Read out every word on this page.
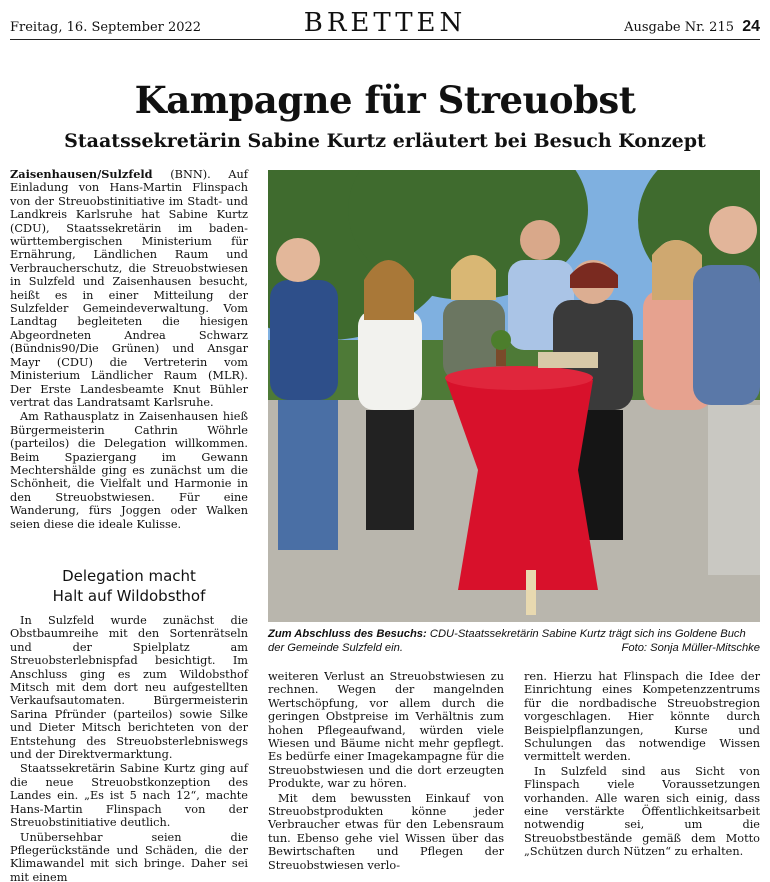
Freitag, 16. September 2022	BRETTEN	Ausgabe Nr. 215 24
Kampagne für Streuobst
Staatssekretärin Sabine Kurtz erläutert bei Besuch Konzept

Zaisenhausen/Sulzfeld (BNN). Auf Einladung von Hans-Martin Flinspach von der Streuobstinitiative im Stadt- und Landkreis Karlsruhe hat Sabine Kurtz (CDU), Staatssekretärin im baden-württembergischen Ministerium für Ernährung, Ländlichen Raum und Verbraucherschutz, die Streuobstwiesen in Sulzfeld und Zaisenhausen besucht, heißt es in einer Mitteilung der Sulzfelder Gemeindeverwaltung. Vom Landtag begleiteten die hiesigen Abgeordneten Andrea Schwarz (Bündnis90/Die Grünen) und Ansgar Mayr (CDU) die Vertreterin vom Ministerium Ländlicher Raum (MLR). Der Erste Landesbeamte Knut Bühler vertrat das Landratsamt Karlsruhe.

Am Rathausplatz in Zaisenhausen hieß Bürgermeisterin Cathrin Wöhrle (parteilos) die Delegation willkommen. Beim Spaziergang im Gewann Mechtershälde ging es zunächst um die Schönheit, die Vielfalt und Harmonie in den Streuobstwiesen. Für eine Wanderung, fürs Joggen oder Walken seien diese die ideale Kulisse.

Delegation macht
Halt auf Wildobsthof

In Sulzfeld wurde zunächst die Obstbaumreihe mit den Sortenrätseln und der Spielplatz am Streuobsterlebnispfad besichtigt. Im Anschluss ging es zum Wildobsthof Mitsch mit dem dort neu aufgestellten Verkaufsautomaten. Bürgermeisterin Sarina Pfründer (parteilos) sowie Silke und Dieter Mitsch berichteten von der Entstehung des Streuobsterlebniswegs und der Direktvermarktung.

Staatssekretärin Sabine Kurtz ging auf die neue Streuobstkonzeption des Landes ein. „Es ist 5 nach 12“, machte Hans-Martin Flinspach von der Streuobstinitiative deutlich.

Unübersehbar seien die Pflegerückstände und Schäden, die der Klimawandel mit sich bringe. Daher sei mit einem

weiteren Verlust an Streuobstwiesen zu rechnen. Wegen der mangelnden Wertschöpfung, vor allem durch die geringen Obstpreise im Verhältnis zum hohen Pflegeaufwand, würden viele Wiesen und Bäume nicht mehr gepflegt. Es bedürfe einer Imagekampagne für die Streuobstwiesen und die dort erzeugten Produkte, war zu hören.

Mit dem bewussten Einkauf von Streuobstprodukten könne jeder Verbraucher etwas für den Lebensraum tun. Ebenso gehe viel Wissen über das Bewirtschaften und Pflegen der Streuobstwiesen verlo-

ren. Hierzu hat Flinspach die Idee der Einrichtung eines Kompetenzzentrums für die nordbadische Streuobstregion vorgeschlagen. Hier könnte durch Beispielpflanzungen, Kurse und Schulungen das notwendige Wissen vermittelt werden.

In Sulzfeld sind aus Sicht von Flinspach viele Voraussetzungen vorhanden. Alle waren sich einig, dass eine verstärkte Öffentlichkeitsarbeit notwendig sei, um die Streuobstbestände gemäß dem Motto „Schützen durch Nützen“ zu erhalten.

Zum Abschluss des Besuchs: CDU-Staatssekretärin Sabine Kurtz trägt sich ins Goldene Buch der Gemeinde Sulzfeld ein.	Foto: Sonja Müller-Mitschke
